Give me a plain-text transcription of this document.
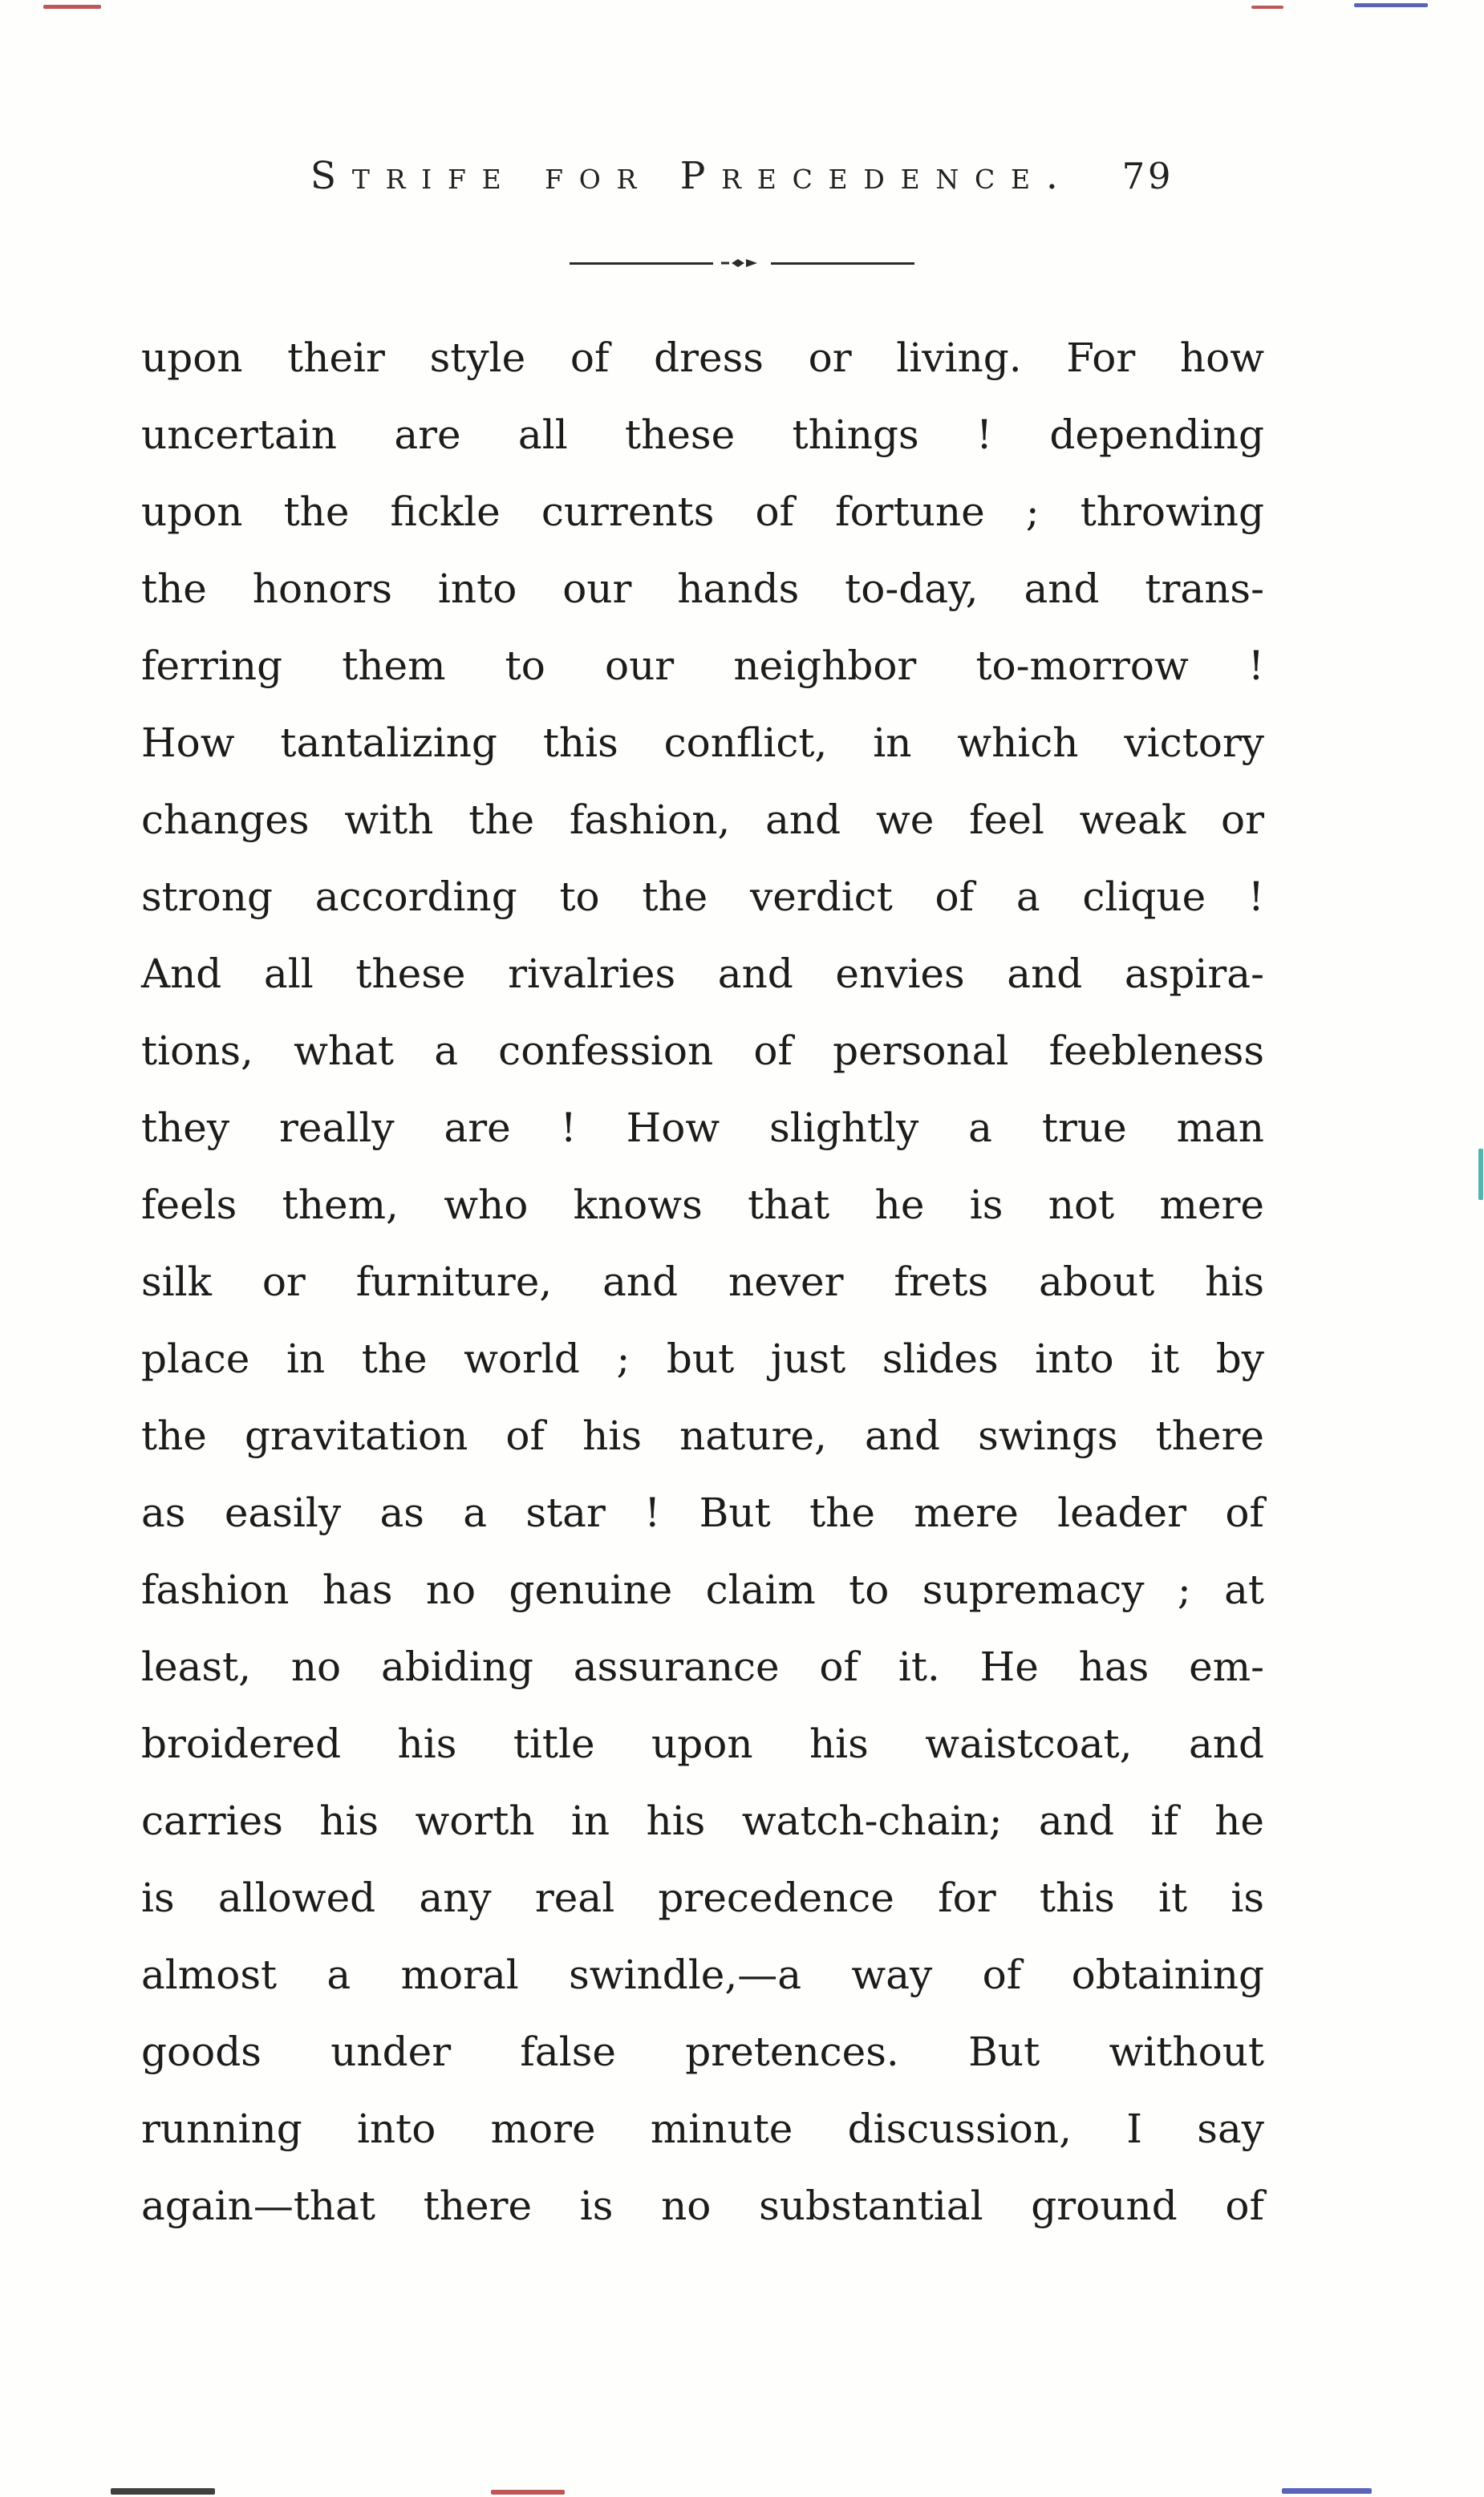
Strife for Precedence. 79
upon their style of dress or living. For how
uncertain are all these things ! depending
upon the fickle currents of fortune ; throwing
the honors into our hands to-day, and trans-
ferring them to our neighbor to-morrow !
How tantalizing this conflict, in which victory
changes with the fashion, and we feel weak or
strong according to the verdict of a clique !
And all these rivalries and envies and aspira-
tions, what a confession of personal feebleness
they really are ! How slightly a true man
feels them, who knows that he is not mere
silk or furniture, and never frets about his
place in the world ; but just slides into it by
the gravitation of his nature, and swings there
as easily as a star ! But the mere leader of
fashion has no genuine claim to supremacy ; at
least, no abiding assurance of it. He has em-
broidered his title upon his waistcoat, and
carries his worth in his watch-chain; and if he
is allowed any real precedence for this it is
almost a moral swindle,—a way of obtaining
goods under false pretences. But without
running into more minute discussion, I say
again—that there is no substantial ground of
